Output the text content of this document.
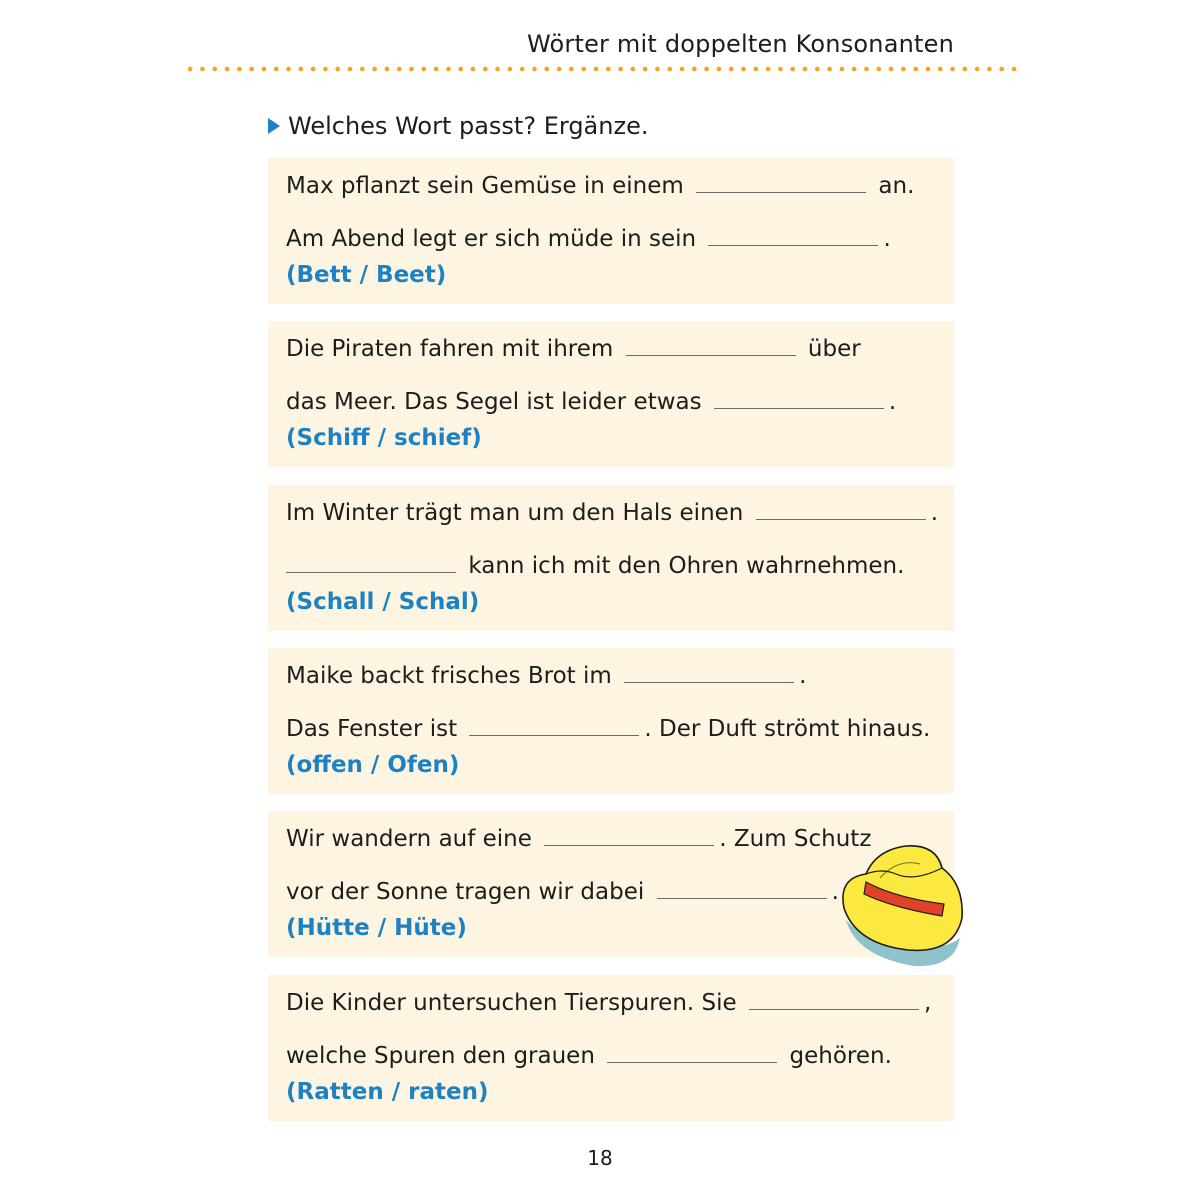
Wörter mit doppelten Konsonanten
Welches Wort passt? Ergänze.
Max pflanzt sein Gemüse in einem	an.
Am Abend legt er sich müde in sein	.
(Bett / Beet)
Die Piraten fahren mit ihrem	über
das Meer. Das Segel ist leider etwas	.
(Schiff / schief)
Im Winter trägt man um den Hals einen	.
kann ich mit den Ohren wahrnehmen.
(Schall / Schal)
Maike backt frisches Brot im	.
Das Fenster ist	. Der Duft strömt hinaus.
(offen / Ofen)
Wir wandern auf eine	. Zum Schutz
vor der Sonne tragen wir dabei	.
(Hütte / Hüte)
Die Kinder untersuchen Tierspuren. Sie	,
welche Spuren den grauen	gehören.
(Ratten / raten)
18
